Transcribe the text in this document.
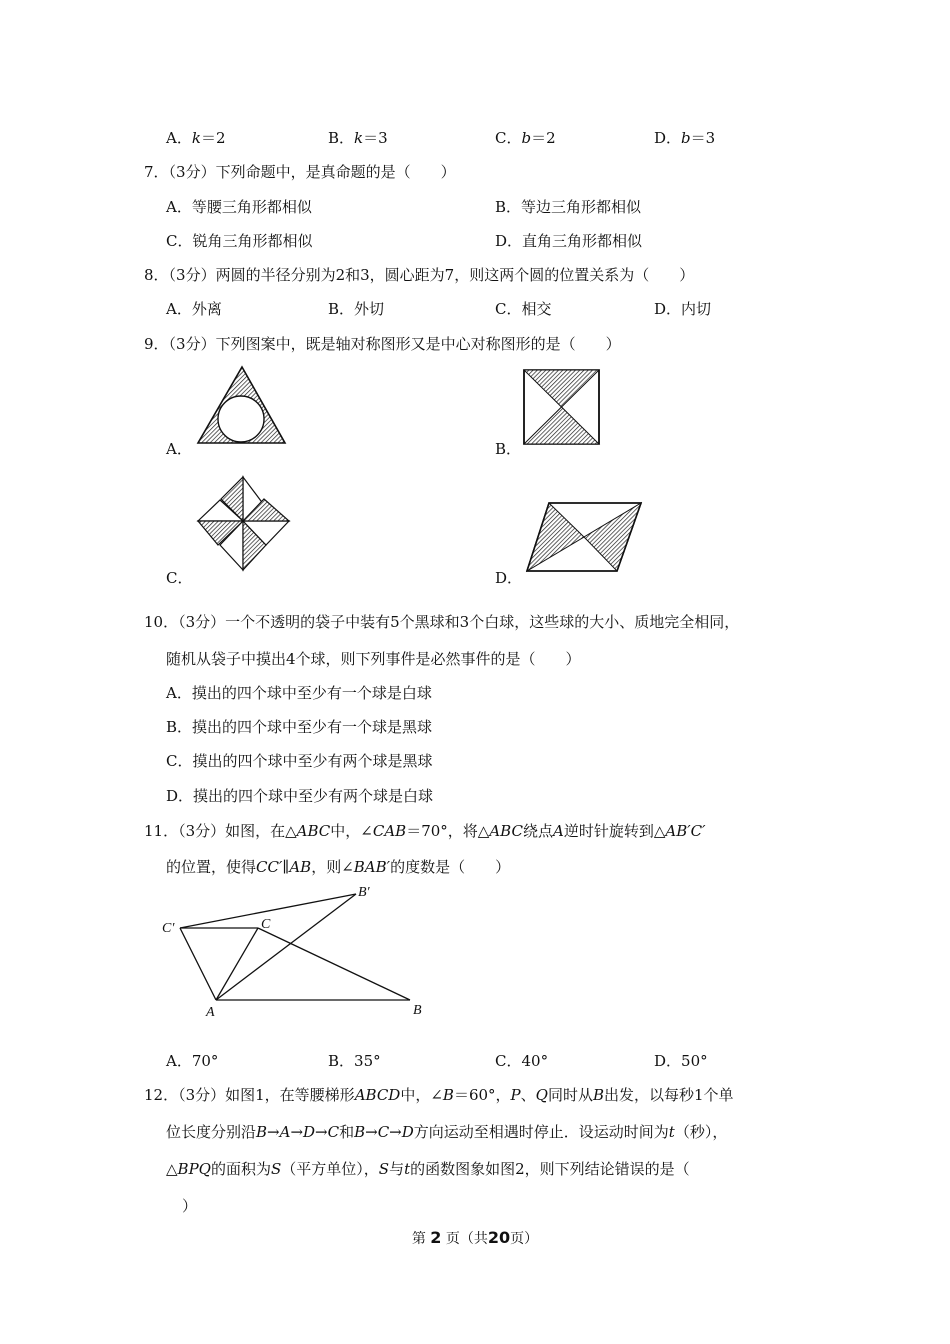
A．k＝2	B．k＝3	C．b＝2	D．b＝3
7．（3分）下列命题中，是真命题的是（　　）
A．等腰三角形都相似	B．等边三角形都相似
C．锐角三角形都相似	D．直角三角形都相似
8．（3分）两圆的半径分别为2和3，圆心距为7，则这两个圆的位置关系为（　　）
A．外离	B．外切	C．相交	D．内切
9．（3分）下列图案中，既是轴对称图形又是中心对称图形的是（　　）
A．	B．
C．	D．
10．（3分）一个不透明的袋子中装有5个黑球和3个白球，这些球的大小、质地完全相同，
随机从袋子中摸出4个球，则下列事件是必然事件的是（　　）
A．摸出的四个球中至少有一个球是白球
B．摸出的四个球中至少有一个球是黑球
C．摸出的四个球中至少有两个球是黑球
D．摸出的四个球中至少有两个球是白球
11．（3分）如图，在△ABC中，∠CAB＝70°，将△ABC绕点A逆时针旋转到△AB′C′
的位置，使得CC′∥AB，则∠BAB′的度数是（　　）
B′
C′	C
A	B
A．70°	B．35°	C．40°	D．50°
12．（3分）如图1，在等腰梯形ABCD中，∠B＝60°，P、Q同时从B出发，以每秒1个单
位长度分别沿B→A→D→C和B→C→D方向运动至相遇时停止．设运动时间为t（秒），
△BPQ的面积为S（平方单位），S与t的函数图象如图2，则下列结论错误的是（
）
第 2 页（共20页）
